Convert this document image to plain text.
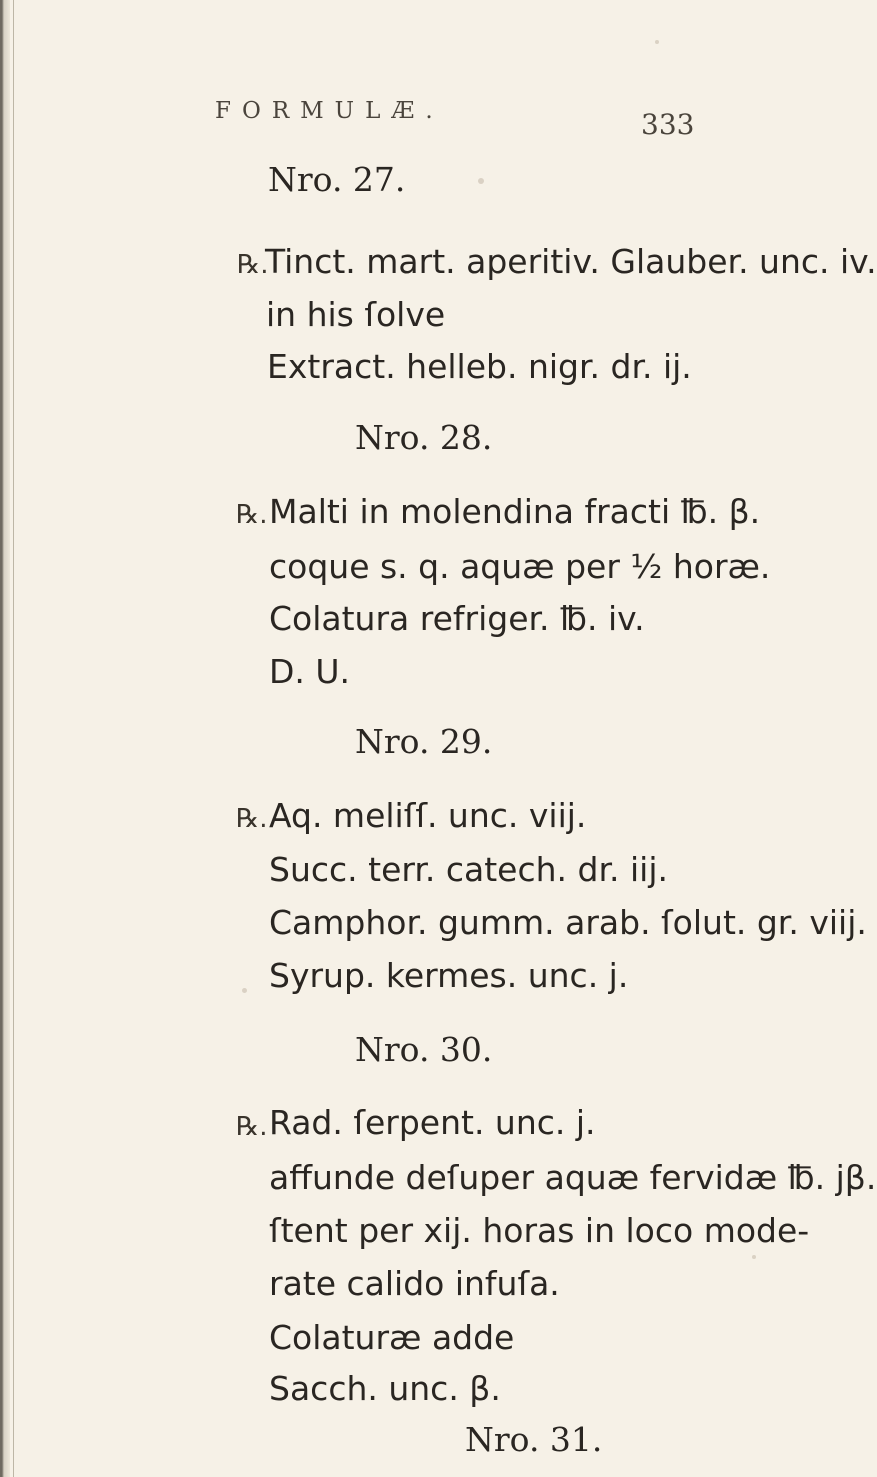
FORMULÆ.	333
Nro. 27.
℞.
Tinct. mart. aperitiv. Glauber. unc. iv.
in his ſolve
Extract. helleb. nigr. dr. ij.
Nro. 28.
℞. Malti in molendina fracti ℔. β.
coque s. q. aquæ per ½ horæ.
Colatura refriger. ℔. iv.
D. U.
Nro. 29.
℞. Aq. meliſſ. unc. viij.
Succ. terr. catech. dr. iij.
Camphor. gumm. arab. ſolut. gr. viij.
Syrup. kermes. unc. j.
Nro. 30.
℞. Rad. ſerpent. unc. j.
affunde deſuper aquæ fervidæ ℔. jβ.
ſtent per xij. horas in loco mode-
rate calido infuſa.
Colaturæ adde
Sacch. unc. β.
Nro. 31.
